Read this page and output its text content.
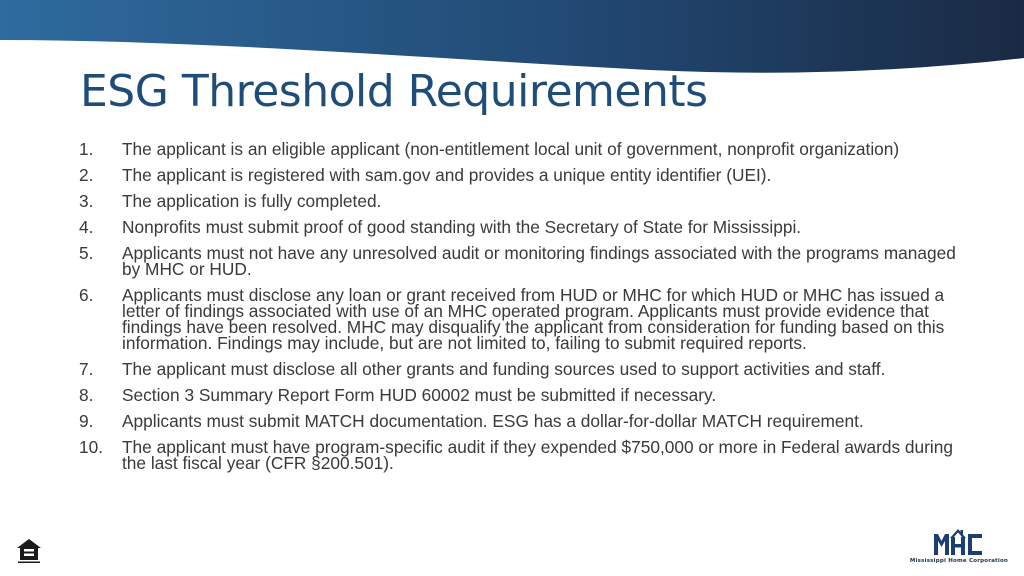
ESG Threshold Requirements
1. The applicant is an eligible applicant (non-entitlement local unit of government, nonprofit organization)
2. The applicant is registered with sam.gov and provides a unique entity identifier (UEI).
3. The application is fully completed.
4. Nonprofits must submit proof of good standing with the Secretary of State for Mississippi.
5. Applicants must not have any unresolved audit or monitoring findings associated with the programs managed by MHC or HUD.
6. Applicants must disclose any loan or grant received from HUD or MHC for which HUD or MHC has issued a letter of findings associated with use of an MHC operated program. Applicants must provide evidence that findings have been resolved. MHC may disqualify the applicant from consideration for funding based on this information. Findings may include, but are not limited to, failing to submit required reports.
7. The applicant must disclose all other grants and funding sources used to support activities and staff.
8. Section 3 Summary Report Form HUD 60002 must be submitted if necessary.
9. Applicants must submit MATCH documentation. ESG has a dollar-for-dollar MATCH requirement.
10. The applicant must have program-specific audit if they expended $750,000 or more in Federal awards during the last fiscal year (CFR §200.501).
Mississippi Home Corporation
